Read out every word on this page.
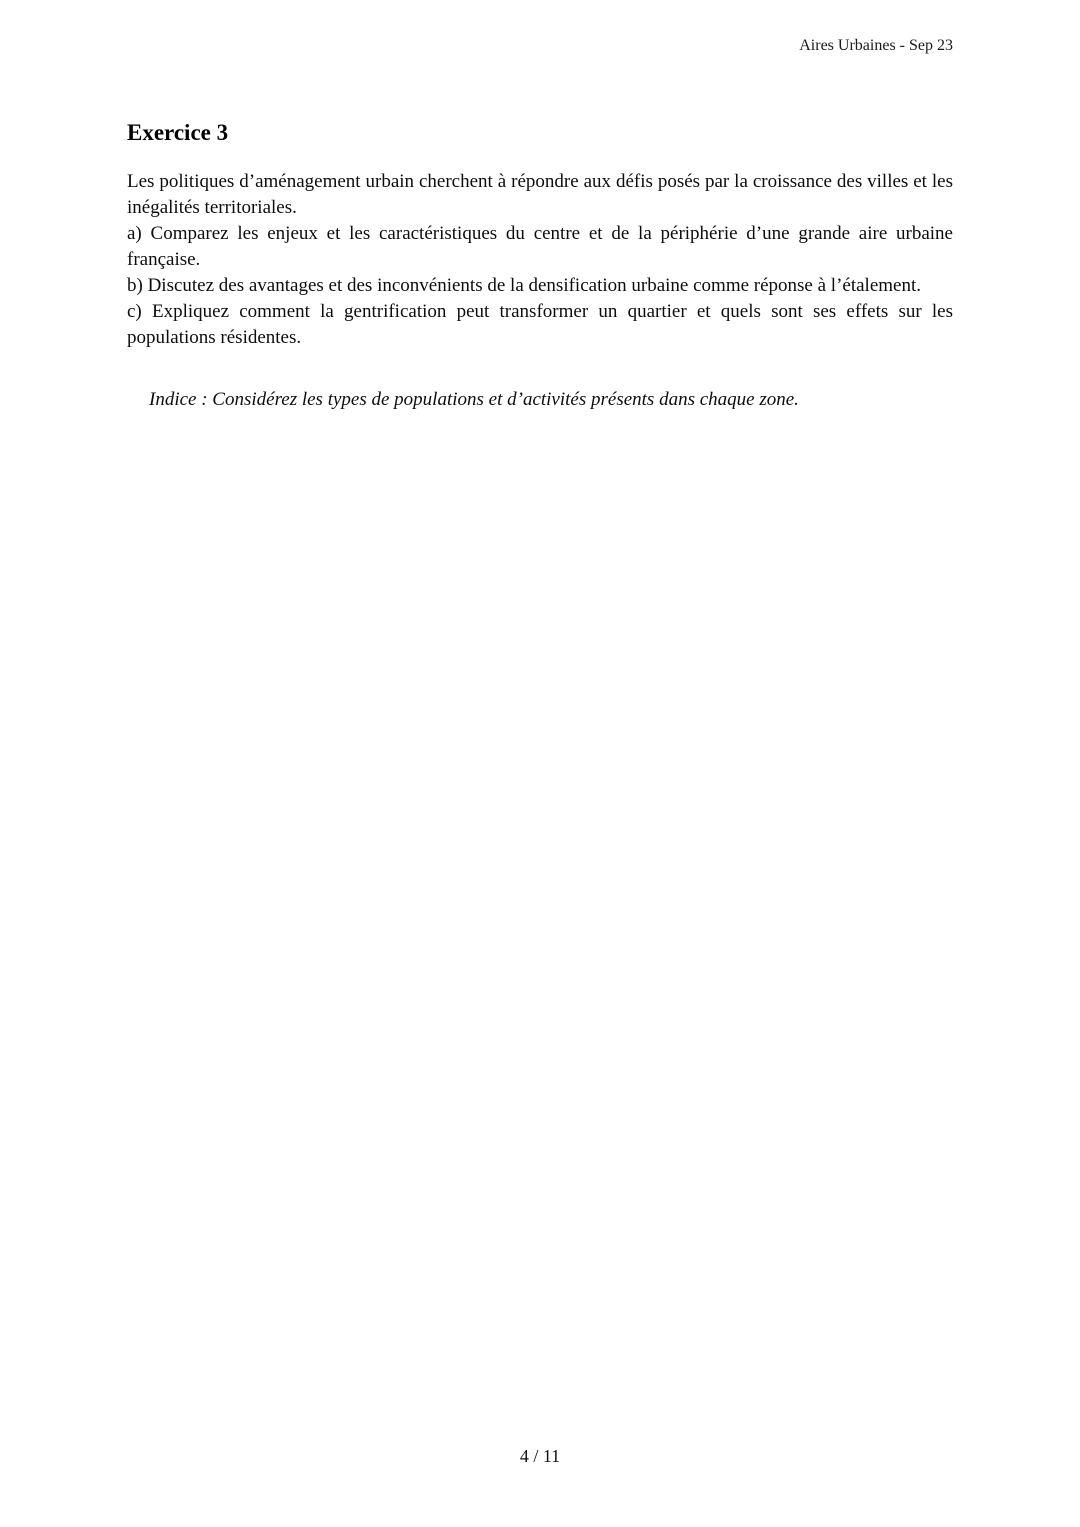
Aires Urbaines - Sep 23
Exercice 3

Les politiques d’aménagement urbain cherchent à répondre aux défis posés par la croissance des villes et les inégalités territoriales.

a) Comparez les enjeux et les caractéristiques du centre et de la périphérie d’une grande aire urbaine française.

b) Discutez des avantages et des inconvénients de la densification urbaine comme réponse à l’étalement.

c) Expliquez comment la gentrification peut transformer un quartier et quels sont ses effets sur les populations résidentes.

Indice : Considérez les types de populations et d’activités présents dans chaque zone.

4 / 11
